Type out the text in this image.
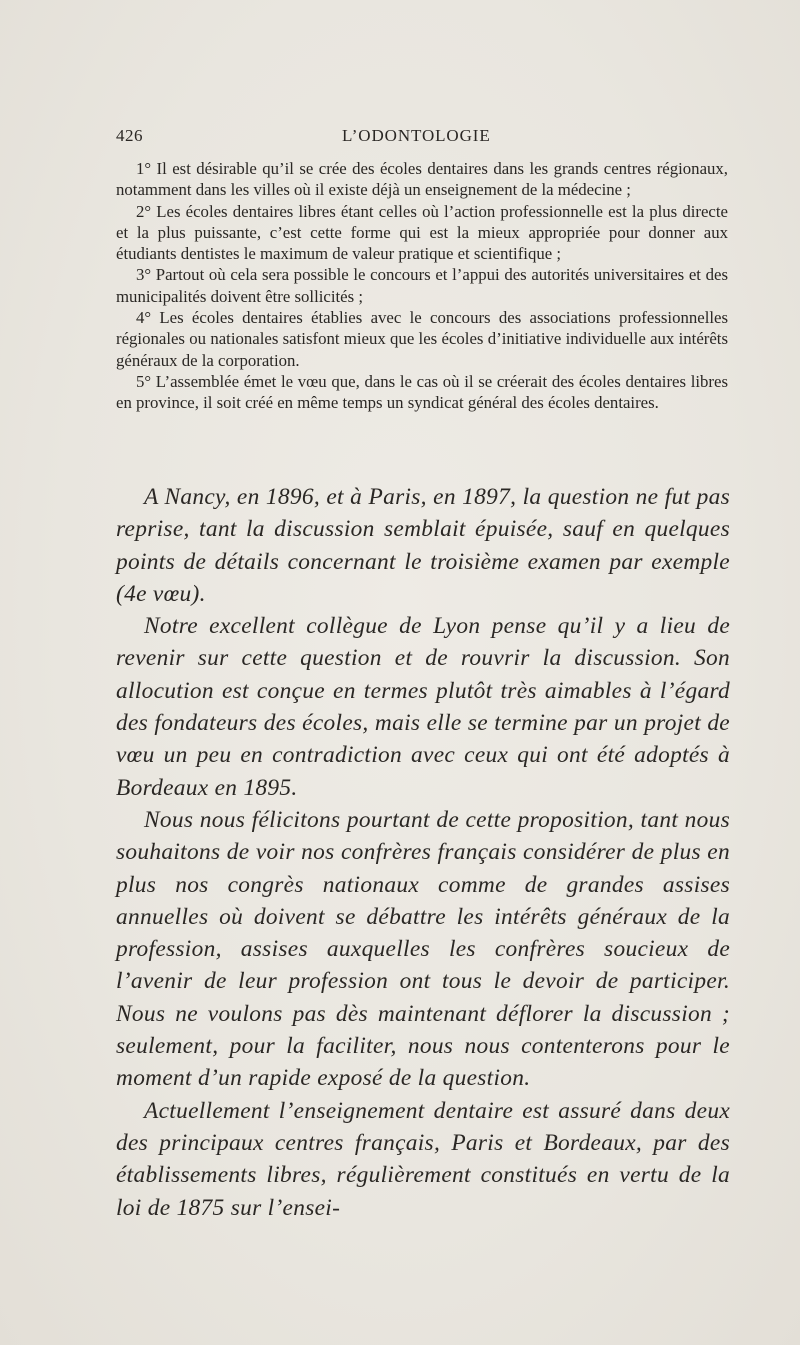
426	L’ODONTOLOGIE

1° Il est désirable qu’il se crée des écoles dentaires dans les grands centres régionaux, notamment dans les villes où il existe déjà un enseignement de la médecine ;

2° Les écoles dentaires libres étant celles où l’action professionnelle est la plus directe et la plus puissante, c’est cette forme qui est la mieux appropriée pour donner aux étudiants dentistes le maximum de valeur pratique et scientifique ;

3° Partout où cela sera possible le concours et l’appui des autorités universitaires et des municipalités doivent être sollicités ;

4° Les écoles dentaires établies avec le concours des associations professionnelles régionales ou nationales satisfont mieux que les écoles d’initiative individuelle aux intérêts généraux de la corporation.

5° L’assemblée émet le vœu que, dans le cas où il se créerait des écoles dentaires libres en province, il soit créé en même temps un syndicat général des écoles dentaires.

A Nancy, en 1896, et à Paris, en 1897, la question ne fut pas reprise, tant la discussion semblait épuisée, sauf en quelques points de détails concernant le troisième examen par exemple (4e vœu).

Notre excellent collègue de Lyon pense qu’il y a lieu de revenir sur cette question et de rouvrir la discussion. Son allocution est conçue en termes plutôt très aimables à l’égard des fondateurs des écoles, mais elle se termine par un projet de vœu un peu en contradiction avec ceux qui ont été adoptés à Bordeaux en 1895.

Nous nous félicitons pourtant de cette proposition, tant nous souhaitons de voir nos confrères français considérer de plus en plus nos congrès nationaux comme de grandes assises annuelles où doivent se débattre les intérêts généraux de la profession, assises auxquelles les confrères soucieux de l’avenir de leur profession ont tous le devoir de participer. Nous ne voulons pas dès maintenant déflorer la discussion ; seulement, pour la faciliter, nous nous contenterons pour le moment d’un rapide exposé de la question.

Actuellement l’enseignement dentaire est assuré dans deux des principaux centres français, Paris et Bordeaux, par des établissements libres, régulièrement constitués en vertu de la loi de 1875 sur l’ensei-
